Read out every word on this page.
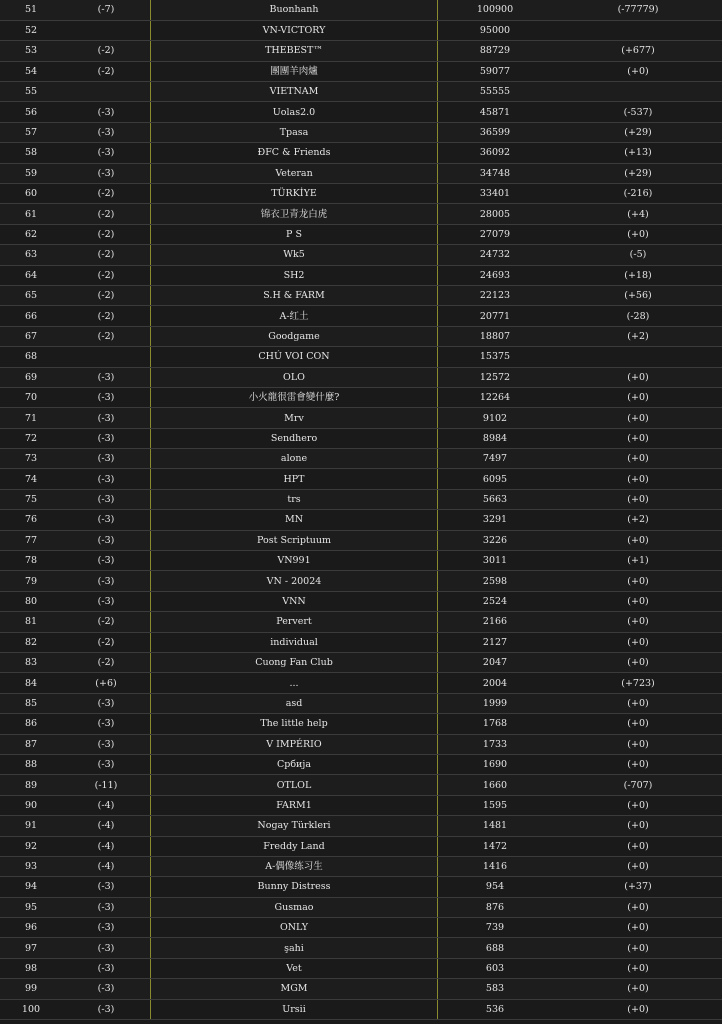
51	(-7)	Buonhanh	100900	(-77779)
52		VN-VICTORY	95000	
53	(-2)	THEBEST™	88729	(+677)
54	(-2)	團團羊肉爐	59077	(+0)
55		VIETNAM	55555	
56	(-3)	Uolas2.0	45871	(-537)
57	(-3)	Tpasa	36599	(+29)
58	(-3)	ĐFC & Friends	36092	(+13)
59	(-3)	Veteran	34748	(+29)
60	(-2)	TÜRKİYE	33401	(-216)
61	(-2)	锦衣卫青龙白虎	28005	(+4)
62	(-2)	P S	27079	(+0)
63	(-2)	Wk5	24732	(-5)
64	(-2)	SH2	24693	(+18)
65	(-2)	S.H & FARM	22123	(+56)
66	(-2)	A-红土	20771	(-28)
67	(-2)	Goodgame	18807	(+2)
68		CHÚ VOI CON	15375	
69	(-3)	OLO	12572	(+0)
70	(-3)	小火龍很雷會變什麼?	12264	(+0)
71	(-3)	Mrv	9102	(+0)
72	(-3)	Sendhero	8984	(+0)
73	(-3)	alone	7497	(+0)
74	(-3)	HPT	6095	(+0)
75	(-3)	trs	5663	(+0)
76	(-3)	MN	3291	(+2)
77	(-3)	Post Scriptuum	3226	(+0)
78	(-3)	VN991	3011	(+1)
79	(-3)	VN - 20024	2598	(+0)
80	(-3)	VNN	2524	(+0)
81	(-2)	Pervert	2166	(+0)
82	(-2)	individual	2127	(+0)
83	(-2)	Cuong Fan Club	2047	(+0)
84	(+6)	...	2004	(+723)
85	(-3)	asd	1999	(+0)
86	(-3)	The little help	1768	(+0)
87	(-3)	V IMPÉRIO	1733	(+0)
88	(-3)	Србија	1690	(+0)
89	(-11)	OTLOL	1660	(-707)
90	(-4)	FARM1	1595	(+0)
91	(-4)	Nogay Türkleri	1481	(+0)
92	(-4)	Freddy Land	1472	(+0)
93	(-4)	A-偶像练习生	1416	(+0)
94	(-3)	Bunny Distress	954	(+37)
95	(-3)	Gusmao	876	(+0)
96	(-3)	ONLY	739	(+0)
97	(-3)	şahi	688	(+0)
98	(-3)	Vet	603	(+0)
99	(-3)	MGM	583	(+0)
100	(-3)	Ursii	536	(+0)
